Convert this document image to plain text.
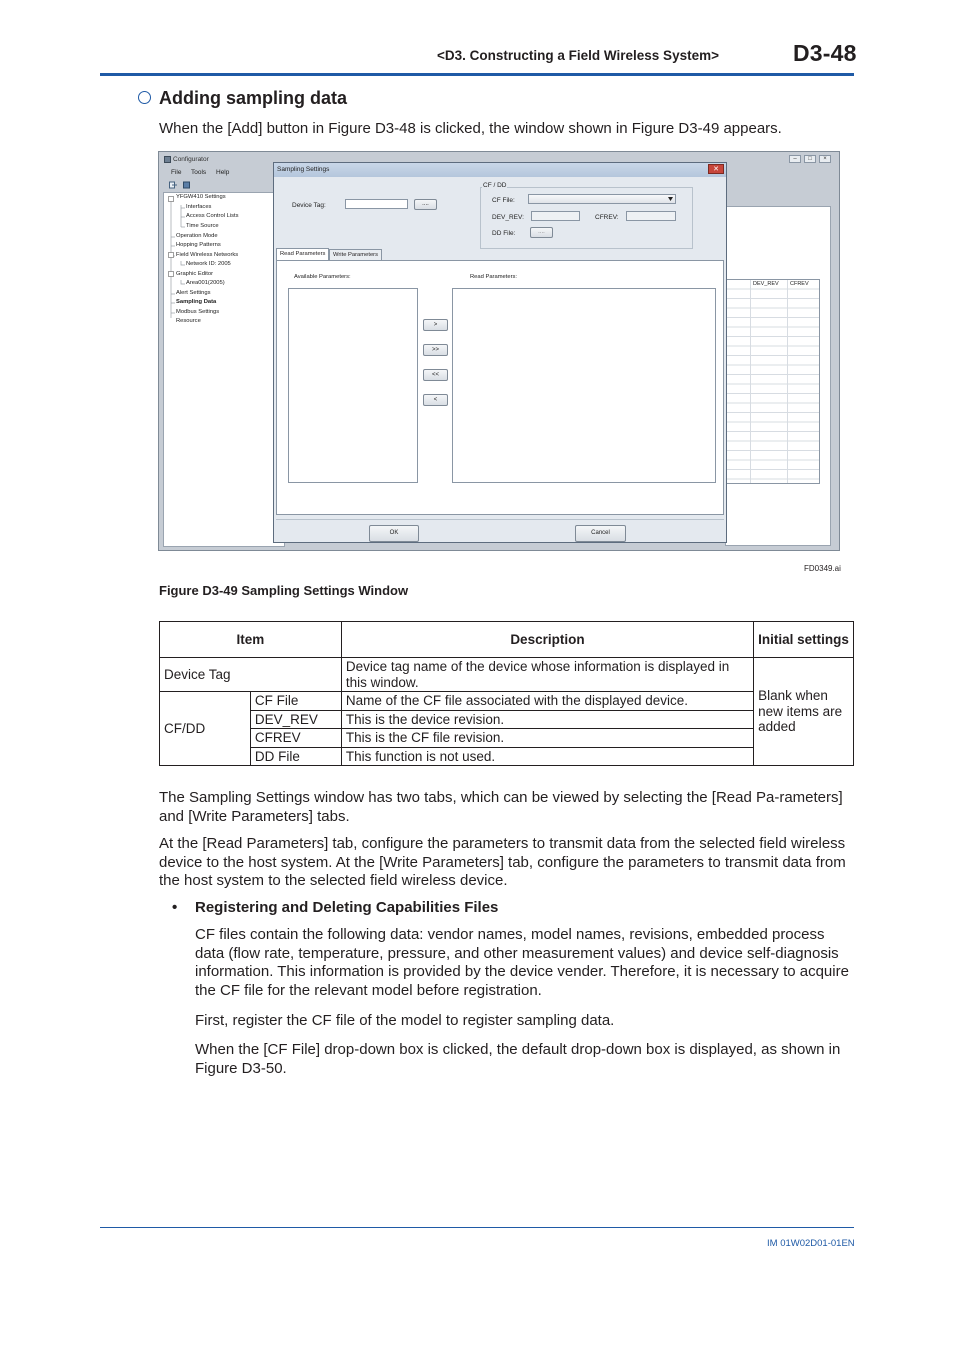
<D3. Constructing a Field Wireless System>	D3-48
Adding sampling data
When the [Add] button in Figure D3-48 is clicked, the window shown in Figure D3-49 appears.
Configurator	–	□	×
File Tools Help
YFGW410 Settings
Interfaces
Access Control Lists
Time Source
Operation Mode
Hopping Patterns
Field Wireless Networks
Network ID: 2005
Graphic Editor
Area001(2005)
Alert Settings
Sampling Data
Modbus Settings
Resource
DEV_REV CFREV
Sampling Settings	✕
Device Tag:	....
CF / DD
CF File:
DEV_REV:	CFREV:
DD File:	....
Read Parameters	Write Parameters
Available Parameters:	Read Parameters:
>
>>
<<
<
OK	Cancel
FD0349.ai
Figure D3-49 Sampling Settings Window
Item		Description	Initial settings
Device Tag		Device tag name of the device whose information is displayed in this window.	Blank when new items are added
CF/DD	CF File	Name of the CF file associated with the displayed device.	
	DEV_REV	This is the device revision.	
	CFREV	This is the CF file revision.	
	DD File	This function is not used.	
The Sampling Settings window has two tabs, which can be viewed by selecting the [Read Pa-rameters] and [Write Parameters] tabs.
At the [Read Parameters] tab, configure the parameters to transmit data from the selected field wireless device to the host system. At the [Write Parameters] tab, configure the parameters to transmit data from the host system to the selected field wireless device.
• Registering and Deleting Capabilities Files
CF files contain the following data: vendor names, model names, revisions, embedded process data (flow rate, temperature, pressure, and other measurement values) and device self-diagnosis information. This information is provided by the device vender. Therefore, it is necessary to acquire the CF file for the relevant model before registration.
First, register the CF file of the model to register sampling data.
When the [CF File] drop-down box is clicked, the default drop-down box is displayed, as shown in Figure D3-50.
IM 01W02D01-01EN
